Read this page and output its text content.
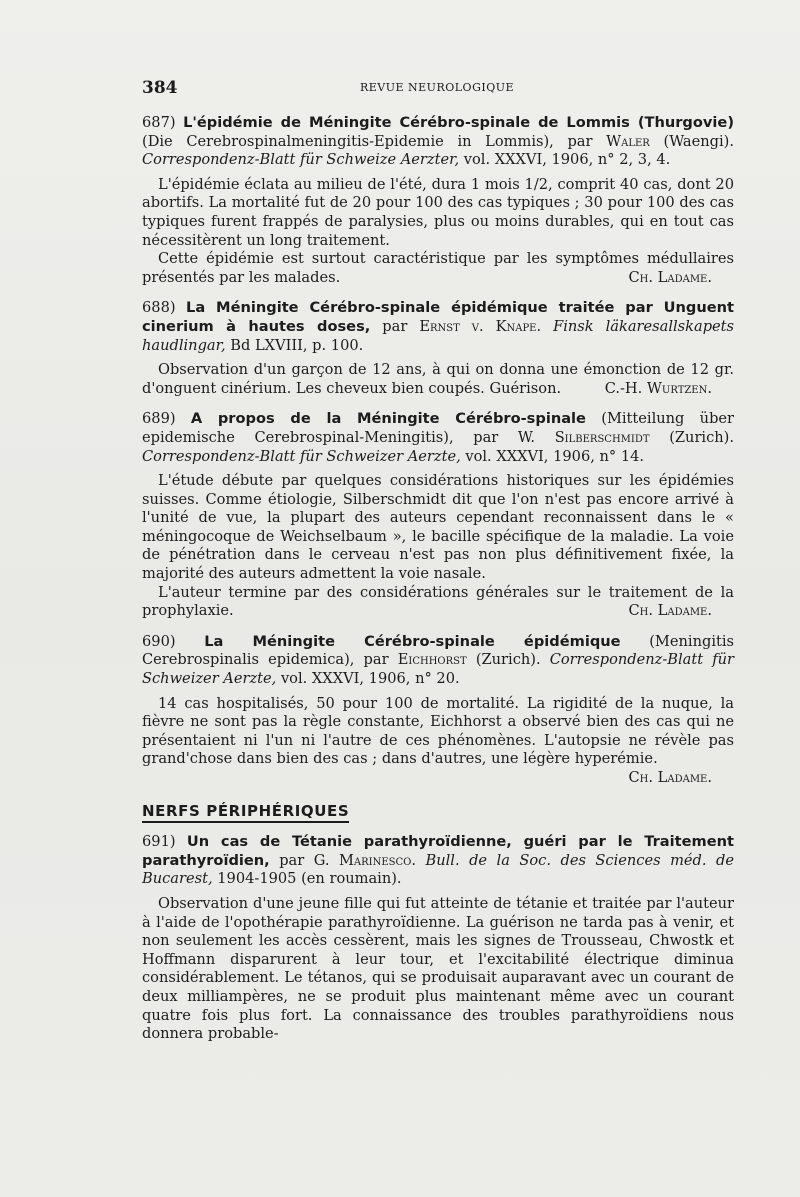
384	REVUE NEUROLOGIQUE

687) L'épidémie de Méningite Cérébro-spinale de Lommis (Thurgovie) (Die Cerebrospinalmeningitis-Epidemie in Lommis), par Waler (Waengi). Correspondenz-Blatt für Schweize Aerzter, vol. XXXVI, 1906, n° 2, 3, 4.

L'épidémie éclata au milieu de l'été, dura 1 mois 1/2, comprit 40 cas, dont 20 abortifs. La mortalité fut de 20 pour 100 des cas typiques ; 30 pour 100 des cas typiques furent frappés de paralysies, plus ou moins durables, qui en tout cas nécessitèrent un long traitement.

Cette épidémie est surtout caractéristique par les symptômes médullaires présentés par les malades.	Ch. Ladame.

688) La Méningite Cérébro-spinale épidémique traitée par Unguent cinerium à hautes doses, par Ernst v. Knape. Finsk läkaresallskapets haudlingar, Bd LXVIII, p. 100.

Observation d'un garçon de 12 ans, à qui on donna une émonction de 12 gr. d'onguent cinérium. Les cheveux bien coupés. Guérison.	C.-H. Wurtzen.

689) A propos de la Méningite Cérébro-spinale (Mitteilung über epidemische Cerebrospinal-Meningitis), par W. Silberschmidt (Zurich). Correspondenz-Blatt für Schweizer Aerzte, vol. XXXVI, 1906, n° 14.

L'étude débute par quelques considérations historiques sur les épidémies suisses. Comme étiologie, Silberschmidt dit que l'on n'est pas encore arrivé à l'unité de vue, la plupart des auteurs cependant reconnaissent dans le « méningocoque de Weichselbaum », le bacille spécifique de la maladie. La voie de pénétration dans le cerveau n'est pas non plus définitivement fixée, la majorité des auteurs admettent la voie nasale.

L'auteur termine par des considérations générales sur le traitement de la prophylaxie.	Ch. Ladame.

690) La Méningite Cérébro-spinale épidémique (Meningitis Cerebrospinalis epidemica), par Eichhorst (Zurich). Correspondenz-Blatt für Schweizer Aerzte, vol. XXXVI, 1906, n° 20.

14 cas hospitalisés, 50 pour 100 de mortalité. La rigidité de la nuque, la fièvre ne sont pas la règle constante, Eichhorst a observé bien des cas qui ne présentaient ni l'un ni l'autre de ces phénomènes. L'autopsie ne révèle pas grand'chose dans bien des cas ; dans d'autres, une légère hyperémie.
Ch. Ladame.

NERFS PÉRIPHÉRIQUES

691) Un cas de Tétanie parathyroïdienne, guéri par le Traitement parathyroïdien, par G. Marinesco. Bull. de la Soc. des Sciences méd. de Bucarest, 1904-1905 (en roumain).

Observation d'une jeune fille qui fut atteinte de tétanie et traitée par l'auteur à l'aide de l'opothérapie parathyroïdienne. La guérison ne tarda pas à venir, et non seulement les accès cessèrent, mais les signes de Trousseau, Chwostk et Hoffmann disparurent à leur tour, et l'excitabilité électrique diminua considérablement. Le tétanos, qui se produisait auparavant avec un courant de deux milliampères, ne se produit plus maintenant même avec un courant quatre fois plus fort. La connaissance des troubles parathyroïdiens nous donnera probable-
